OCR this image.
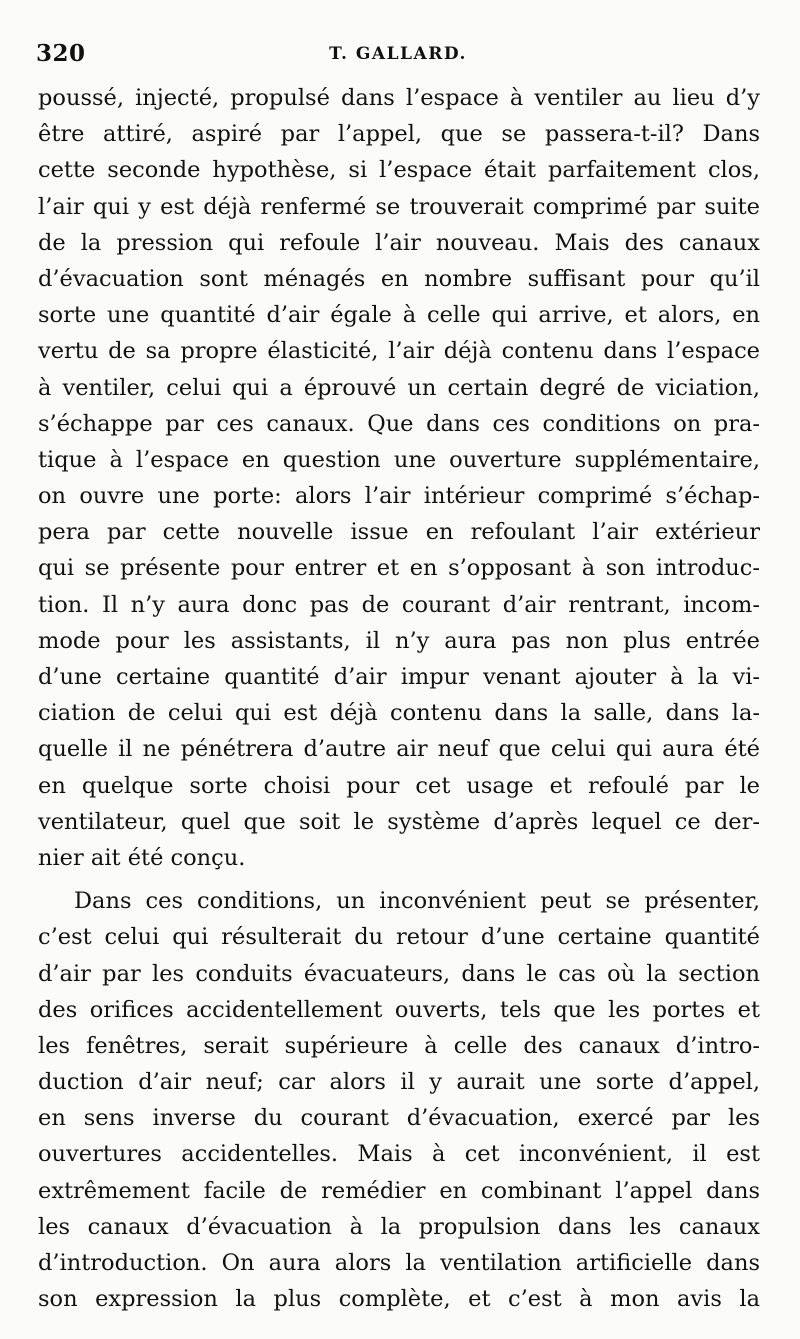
320	T. GALLARD.
poussé, injecté, propulsé dans l’espace à ventiler au lieu d’y
être attiré, aspiré par l’appel, que se passera-t-il? Dans
cette seconde hypothèse, si l’espace était parfaitement clos,
l’air qui y est déjà renfermé se trouverait comprimé par suite
de la pression qui refoule l’air nouveau. Mais des canaux
d’évacuation sont ménagés en nombre suffisant pour qu’il
sorte une quantité d’air égale à celle qui arrive, et alors, en
vertu de sa propre élasticité, l’air déjà contenu dans l’espace
à ventiler, celui qui a éprouvé un certain degré de viciation,
s’échappe par ces canaux. Que dans ces conditions on pra-
tique à l’espace en question une ouverture supplémentaire,
on ouvre une porte: alors l’air intérieur comprimé s’échap-
pera par cette nouvelle issue en refoulant l’air extérieur
qui se présente pour entrer et en s’opposant à son introduc-
tion. Il n’y aura donc pas de courant d’air rentrant, incom-
mode pour les assistants, il n’y aura pas non plus entrée
d’une certaine quantité d’air impur venant ajouter à la vi-
ciation de celui qui est déjà contenu dans la salle, dans la-
quelle il ne pénétrera d’autre air neuf que celui qui aura été
en quelque sorte choisi pour cet usage et refoulé par le
ventilateur, quel que soit le système d’après lequel ce der-
nier ait été conçu.
Dans ces conditions, un inconvénient peut se présenter,
c’est celui qui résulterait du retour d’une certaine quantité
d’air par les conduits évacuateurs, dans le cas où la section
des orifices accidentellement ouverts, tels que les portes et
les fenêtres, serait supérieure à celle des canaux d’intro-
duction d’air neuf; car alors il y aurait une sorte d’appel,
en sens inverse du courant d’évacuation, exercé par les
ouvertures accidentelles. Mais à cet inconvénient, il est
extrêmement facile de remédier en combinant l’appel dans
les canaux d’évacuation à la propulsion dans les canaux
d’introduction. On aura alors la ventilation artificielle dans
son expression la plus complète, et c’est à mon avis la
